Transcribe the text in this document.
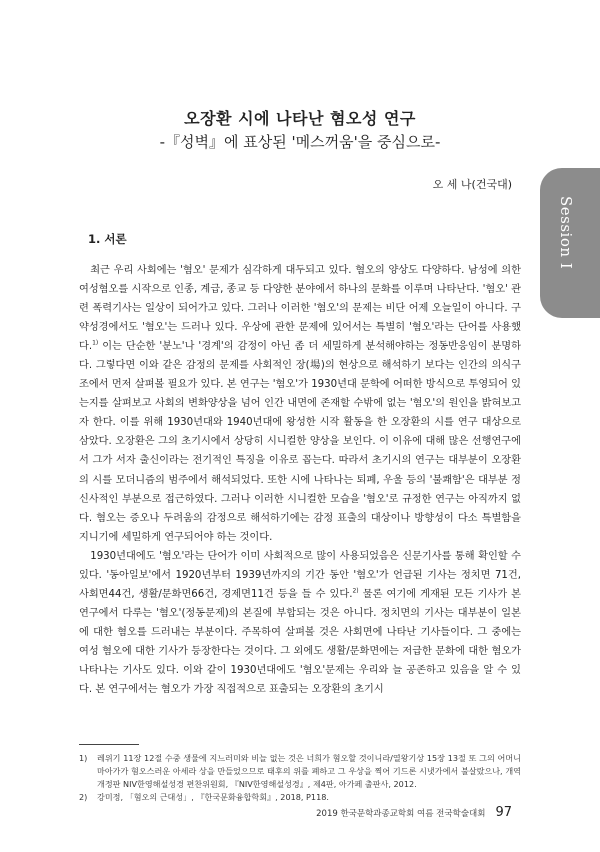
오장환 시에 나타난 혐오성 연구
-『성벽』에 표상된 '메스꺼움'을 중심으로-
오 세 나(건국대)
Session I
1. 서론

최근 우리 사회에는 '혐오' 문제가 심각하게 대두되고 있다. 혐오의 양상도 다양하다. 남성에 의한 여성혐오를 시작으로 인종, 계급, 종교 등 다양한 분야에서 하나의 문화를 이루며 나타난다. '혐오' 관련 폭력기사는 일상이 되어가고 있다. 그러나 이러한 '혐오'의 문제는 비단 어제 오늘일이 아니다. 구약성경에서도 '혐오'는 드러나 있다. 우상에 관한 문제에 있어서는 특별히 '혐오'라는 단어를 사용했다.$^{1)}$ 이는 단순한 '분노'나 '경계'의 감정이 아닌 좀 더 세밀하게 분석해야하는 정동반응임이 분명하다. 그렇다면 이와 같은 감정의 문제를 사회적인 장(場)의 현상으로 해석하기 보다는 인간의 의식구조에서 먼저 살펴볼 필요가 있다. 본 연구는 '혐오'가 1930년대 문학에 어떠한 방식으로 투영되어 있는지를 살펴보고 사회의 변화양상을 넘어 인간 내면에 존재할 수밖에 없는 '혐오'의 원인을 밝혀보고자 한다. 이를 위해 1930년대와 1940년대에 왕성한 시작 활동을 한 오장환의 시를 연구 대상으로 삼았다. 오장환은 그의 초기시에서 상당히 시니컬한 양상을 보인다. 이 이유에 대해 많은 선행연구에서 그가 서자 출신이라는 전기적인 특징을 이유로 꼽는다. 따라서 초기시의 연구는 대부분이 오장환의 시를 모더니즘의 범주에서 해석되었다. 또한 시에 나타나는 퇴폐, 우울 등의 '불쾌함'은 대부분 정신사적인 부분으로 접근하였다. 그러나 이러한 시니컬한 모습을 '혐오'로 규정한 연구는 아직까지 없다. 혐오는 증오나 두려움의 감정으로 해석하기에는 감정 표출의 대상이나 방향성이 다소 특별함을 지니기에 세밀하게 연구되어야 하는 것이다.

1930년대에도 '혐오'라는 단어가 이미 사회적으로 많이 사용되었음은 신문기사를 통해 확인할 수 있다. '동아일보'에서 1920년부터 1939년까지의 기간 동안 '혐오'가 언급된 기사는 정치면 71건, 사회면44건, 생활/문화면66건, 경제면11건 등을 들 수 있다.$^{2)}$ 물론 여기에 게재된 모든 기사가 본 연구에서 다루는 '혐오'(정동문제)의 본질에 부합되는 것은 아니다. 정치면의 기사는 대부분이 일본에 대한 혐오를 드러내는 부분이다. 주목하여 살펴볼 것은 사회면에 나타난 기사들이다. 그 중에는 여성 혐오에 대한 기사가 등장한다는 것이다. 그 외에도 생활/문화면에는 저급한 문화에 대한 혐오가 나타나는 기사도 있다. 이와 같이 1930년대에도 '혐오'문제는 우리와 늘 공존하고 있음을 알 수 있다. 본 연구에서는 혐오가 가장 직접적으로 표출되는 오장환의 초기시

1)	레위기 11장 12절 수중 생물에 지느러미와 비늘 없는 것은 너희가 혐오할 것이니라/열왕기상 15장 13절 또 그의 어머니 마아가가 혐오스러운 아세라 상을 만들었으므로 태후의 위를 폐하고 그 우상을 찍어 기드론 시냇가에서 불살랐으나, 개역개정판 NIV한영해설성경 편찬위원회, 『NIV한영해설성경』, 제4판, 아가페 출판사, 2012.
2)	강미정, 「혐오의 근대성」, 『한국문화융합학회』, 2018, P118.
2019 한국문학과종교학회 여름 전국학술대회 97
